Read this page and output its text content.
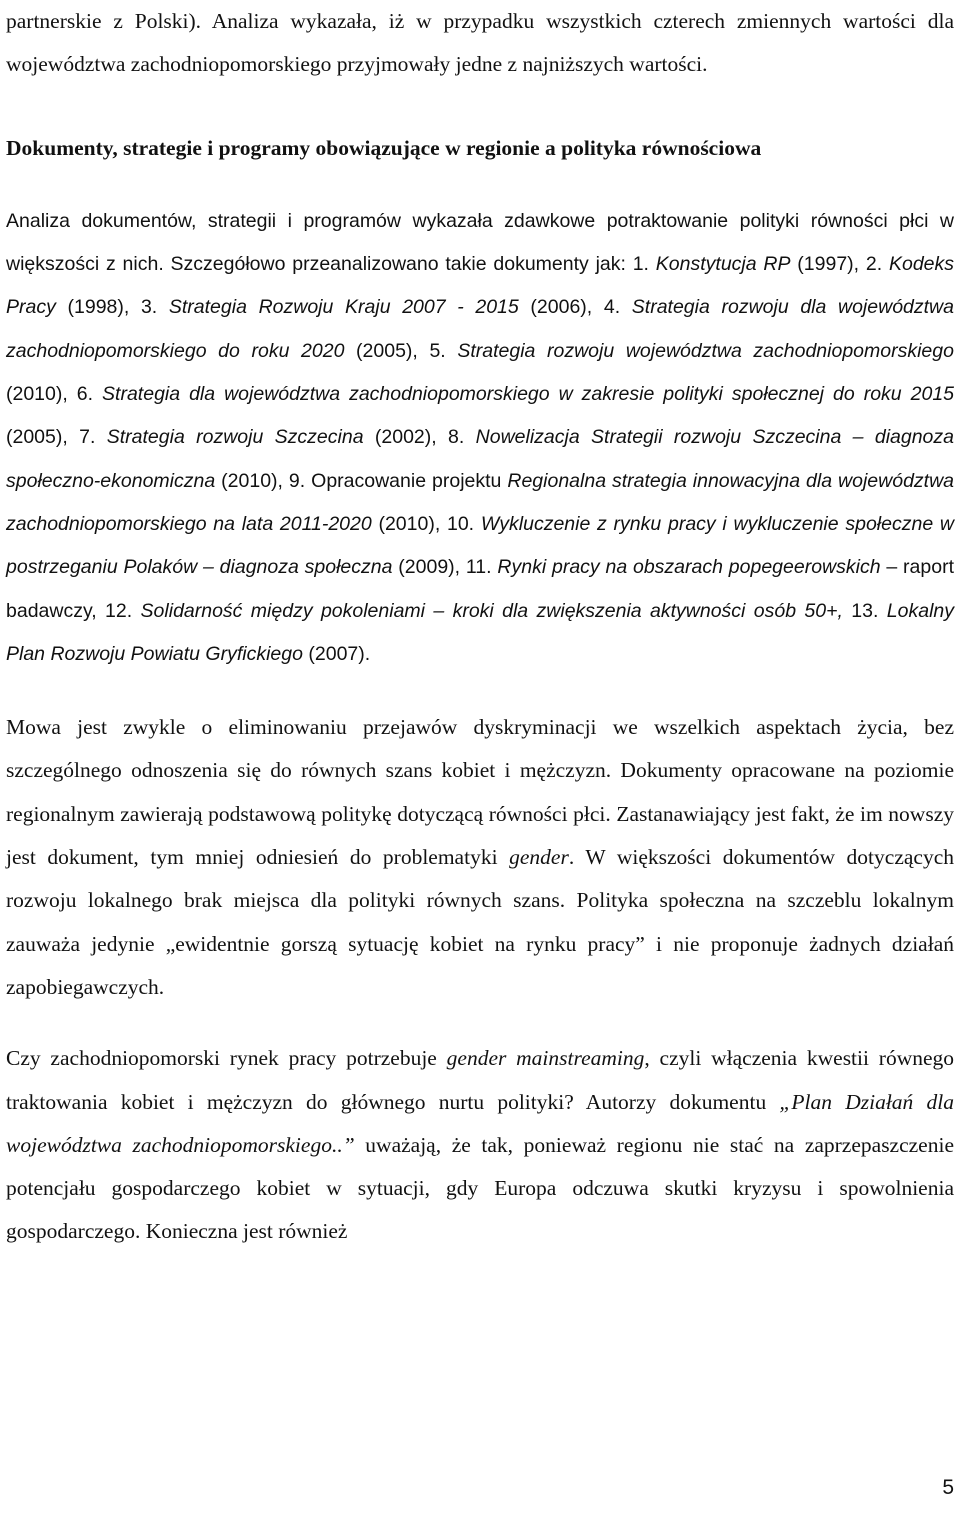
partnerskie z Polski). Analiza wykazała, iż w przypadku wszystkich czterech zmiennych wartości dla województwa zachodniopomorskiego przyjmowały jedne z najniższych wartości.

Dokumenty, strategie i programy obowiązujące w regionie a polityka równościowa

Analiza dokumentów, strategii i programów wykazała zdawkowe potraktowanie polityki równości płci w większości z nich. Szczegółowo przeanalizowano takie dokumenty jak: 1. Konstytucja RP (1997), 2. Kodeks Pracy (1998), 3. Strategia Rozwoju Kraju 2007 - 2015 (2006), 4. Strategia rozwoju dla województwa zachodniopomorskiego do roku 2020 (2005), 5. Strategia rozwoju województwa zachodniopomorskiego (2010), 6. Strategia dla województwa zachodniopomorskiego w zakresie polityki społecznej do roku 2015 (2005), 7. Strategia rozwoju Szczecina (2002), 8. Nowelizacja Strategii rozwoju Szczecina – diagnoza społeczno-ekonomiczna (2010), 9. Opracowanie projektu Regionalna strategia innowacyjna dla województwa zachodniopomorskiego na lata 2011-2020 (2010), 10. Wykluczenie z rynku pracy i wykluczenie społeczne w postrzeganiu Polaków – diagnoza społeczna (2009), 11. Rynki pracy na obszarach popegeerowskich – raport badawczy, 12. Solidarność między pokoleniami – kroki dla zwiększenia aktywności osób 50+, 13. Lokalny Plan Rozwoju Powiatu Gryfickiego (2007).

Mowa jest zwykle o eliminowaniu przejawów dyskryminacji we wszelkich aspektach życia, bez szczególnego odnoszenia się do równych szans kobiet i mężczyzn. Dokumenty opracowane na poziomie regionalnym zawierają podstawową politykę dotyczącą równości płci. Zastanawiający jest fakt, że im nowszy jest dokument, tym mniej odniesień do problematyki gender. W większości dokumentów dotyczących rozwoju lokalnego brak miejsca dla polityki równych szans. Polityka społeczna na szczeblu lokalnym zauważa jedynie „ewidentnie gorszą sytuację kobiet na rynku pracy” i nie proponuje żadnych działań zapobiegawczych.

Czy zachodniopomorski rynek pracy potrzebuje gender mainstreaming, czyli włączenia kwestii równego traktowania kobiet i mężczyzn do głównego nurtu polityki? Autorzy dokumentu „Plan Działań dla województwa zachodniopomorskiego..” uważają, że tak, ponieważ regionu nie stać na zaprzepaszczenie potencjału gospodarczego kobiet w sytuacji, gdy Europa odczuwa skutki kryzysu i spowolnienia gospodarczego. Konieczna jest również

5
